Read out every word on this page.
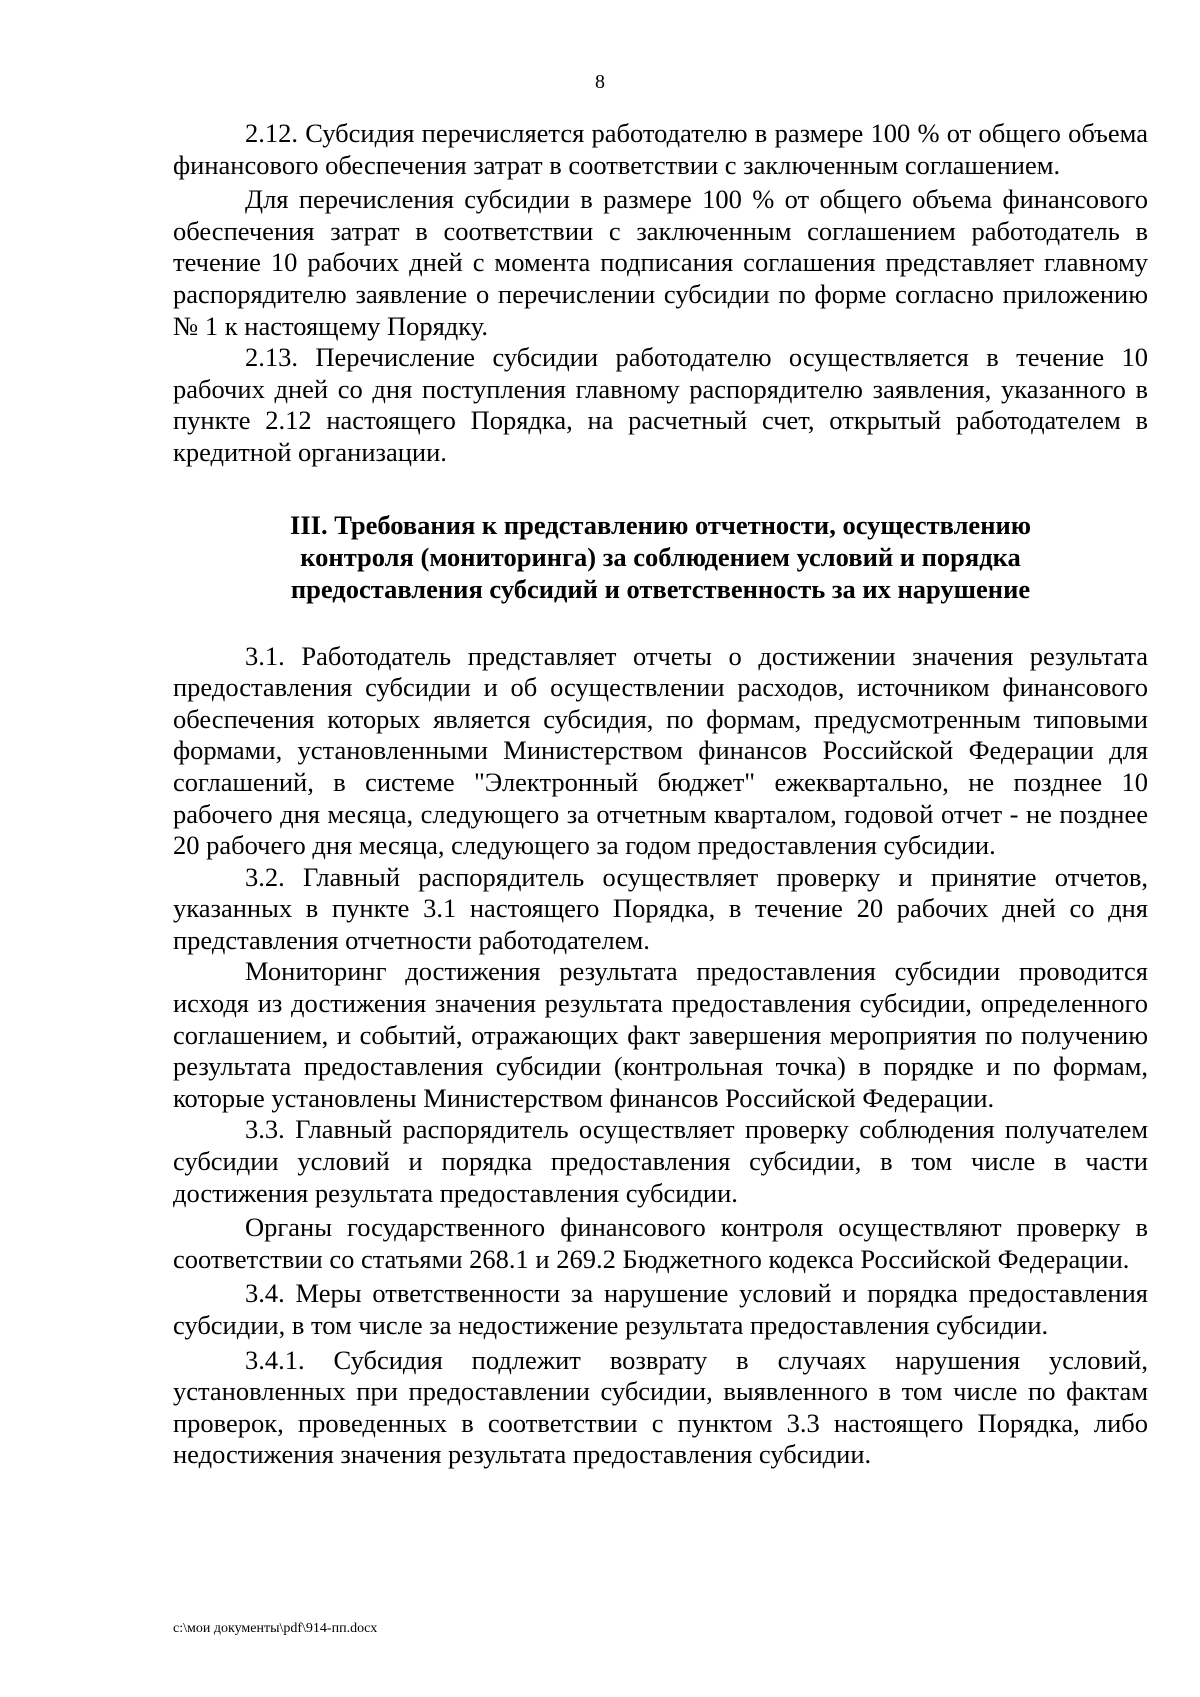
8

2.12. Субсидия перечисляется работодателю в размере 100 % от общего объема финансового обеспечения затрат в соответствии с заключенным соглашением.

Для перечисления субсидии в размере 100 % от общего объема финансового обеспечения затрат в соответствии с заключенным соглашением работодатель в течение 10 рабочих дней с момента подписания соглашения представляет главному распорядителю заявление о перечислении субсидии по форме согласно приложению № 1 к настоящему Порядку.

2.13. Перечисление субсидии работодателю осуществляется в течение 10 рабочих дней со дня поступления главному распорядителю заявления, указанного в пункте 2.12 настоящего Порядка, на расчетный счет, открытый работодателем в кредитной организации.

III. Требования к представлению отчетности, осуществлению контроля (мониторинга) за соблюдением условий и порядка предоставления субсидий и ответственность за их нарушение

3.1. Работодатель представляет отчеты о достижении значения результата предоставления субсидии и об осуществлении расходов, источником финансового обеспечения которых является субсидия, по формам, предусмотренным типовыми формами, установленными Министерством финансов Российской Федерации для соглашений, в системе "Электронный бюджет" ежеквартально, не позднее 10 рабочего дня месяца, следующего за отчетным кварталом, годовой отчет - не позднее 20 рабочего дня месяца, следующего за годом предоставления субсидии.

3.2. Главный распорядитель осуществляет проверку и принятие отчетов, указанных в пункте 3.1 настоящего Порядка, в течение 20 рабочих дней со дня представления отчетности работодателем.

Мониторинг достижения результата предоставления субсидии проводится исходя из достижения значения результата предоставления субсидии, определенного соглашением, и событий, отражающих факт завершения мероприятия по получению результата предоставления субсидии (контрольная точка) в порядке и по формам, которые установлены Министерством финансов Российской Федерации.

3.3. Главный распорядитель осуществляет проверку соблюдения получателем субсидии условий и порядка предоставления субсидии, в том числе в части достижения результата предоставления субсидии.

Органы государственного финансового контроля осуществляют проверку в соответствии со статьями 268.1 и 269.2 Бюджетного кодекса Российской Федерации.

3.4. Меры ответственности за нарушение условий и порядка предоставления субсидии, в том числе за недостижение результата предоставления субсидии.

3.4.1. Субсидия подлежит возврату в случаях нарушения условий, установленных при предоставлении субсидии, выявленного в том числе по фактам проверок, проведенных в соответствии с пунктом 3.3 настоящего Порядка, либо недостижения значения результата предоставления субсидии.

c:\мои документы\pdf\914-пп.docx
